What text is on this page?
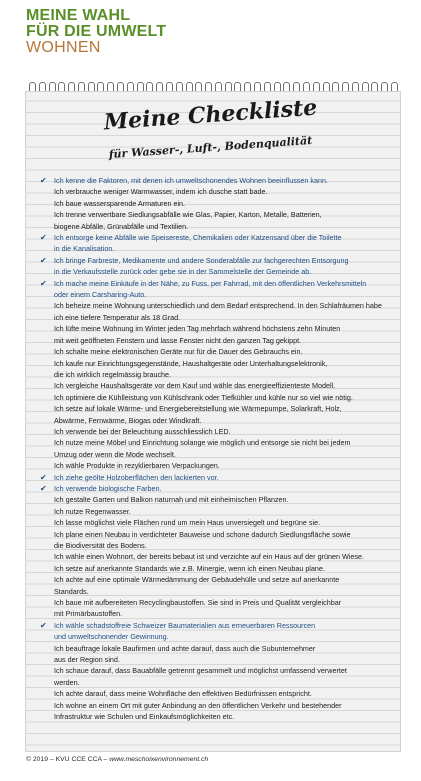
MEINE WAHL
FÜR DIE UMWELT
WOHNEN
Meine Checkliste
für Wasser-, Luft-, Bodenqualität
✔ Ich kenne die Faktoren, mit denen ich umweltschonendes Wohnen beeinflussen kann.
Ich verbrauche weniger Warmwasser, indem ich dusche statt bade.
Ich baue wassersparende Armaturen ein.
Ich trenne verwertbare Siedlungsabfälle wie Glas, Papier, Karton, Metalle, Batterien,
biogene Abfälle, Grünabfälle und Textilien.
✔ Ich entsorge keine Abfälle wie Speisereste, Chemikalien oder Katzensand über die Toilette
in die Kanalisation.
✔ Ich bringe Farbreste, Medikamente und andere Sonderabfälle zur fachgerechten Entsorgung
in die Verkaufsstelle zurück oder gebe sie in der Sammelstelle der Gemeinde ab.
✔ Ich mache meine Einkäufe in der Nähe, zu Fuss, per Fahrrad, mit den öffentlichen Verkehrsmitteln
oder einem Carsharing-Auto.
Ich beheize meine Wohnung unterschiedlich und dem Bedarf entsprechend. In den Schlafräumen habe
ich eine tiefere Temperatur als 18 Grad.
Ich lüfte meine Wohnung im Winter jeden Tag mehrfach während höchstens zehn Minuten
mit weit geöffneten Fenstern und lasse Fenster nicht den ganzen Tag gekippt.
Ich schalte meine elektronischen Geräte nur für die Dauer des Gebrauchs ein.
Ich kaufe nur Einrichtungsgegenstände, Haushaltgeräte oder Unterhaltungselektronik,
die ich wirklich regelmässig brauche.
Ich vergleiche Haushaltsgeräte vor dem Kauf und wähle das energieeffizienteste Modell.
Ich optimiere die Kühlleistung von Kühlschrank oder Tiefkühler und kühle nur so viel wie nötig.
Ich setze auf lokale Wärme- und Energiebereitstellung wie Wärmepumpe, Solarkraft, Holz,
Abwärme, Fernwärme, Biogas oder Windkraft.
Ich verwende bei der Beleuchtung ausschliesslich LED.
Ich nutze meine Möbel und Einrichtung solange wie möglich und entsorge sie nicht bei jedem
Umzug oder wenn die Mode wechselt.
Ich wähle Produkte in rezyklierbaren Verpackungen.
✔ Ich ziehe geölte Holzoberflächen den lackierten vor.
✔ Ich verwende biologische Farben.
Ich gestalte Garten und Balkon naturnah und mit einheimischen Pflanzen.
Ich nutze Regenwasser.
Ich lasse möglichst viele Flächen rund um mein Haus unversiegelt und begrüne sie.
Ich plane einen Neubau in verdichteter Bauweise und schone dadurch Siedlungsfläche sowie
die Biodiversität des Bodens.
Ich wähle einen Wohnort, der bereits bebaut ist und verzichte auf ein Haus auf der grünen Wiese.
Ich setze auf anerkannte Standards wie z.B. Minergie, wenn ich einen Neubau plane.
Ich achte auf eine optimale Wärmedämmung der Gebäudehülle und setze auf anerkannte
Standards.
Ich baue mit aufbereiteten Recyclingbaustoffen. Sie sind in Preis und Qualität vergleichbar
mit Primärbaustoffen.
✔ Ich wähle schadstoffreie Schweizer Baumaterialien aus erneuerbaren Ressourcen
und umweltschonender Gewinnung.
Ich beauftrage lokale Baufirmen und achte darauf, dass auch die Subunternehmer
aus der Region sind.
Ich schaue darauf, dass Bauabfälle getrennt gesammelt und möglichst umfassend verwertet
werden.
Ich achte darauf, dass meine Wohnfläche den effektiven Bedürfnissen entspricht.
Ich wohne an einem Ort mit guter Anbindung an den öffentlichen Verkehr und bestehender
Infrastruktur wie Schulen und Einkaufsmöglichkeiten etc.
© 2019 – KVU CCE CCA – www.meschoixenvironnement.ch
